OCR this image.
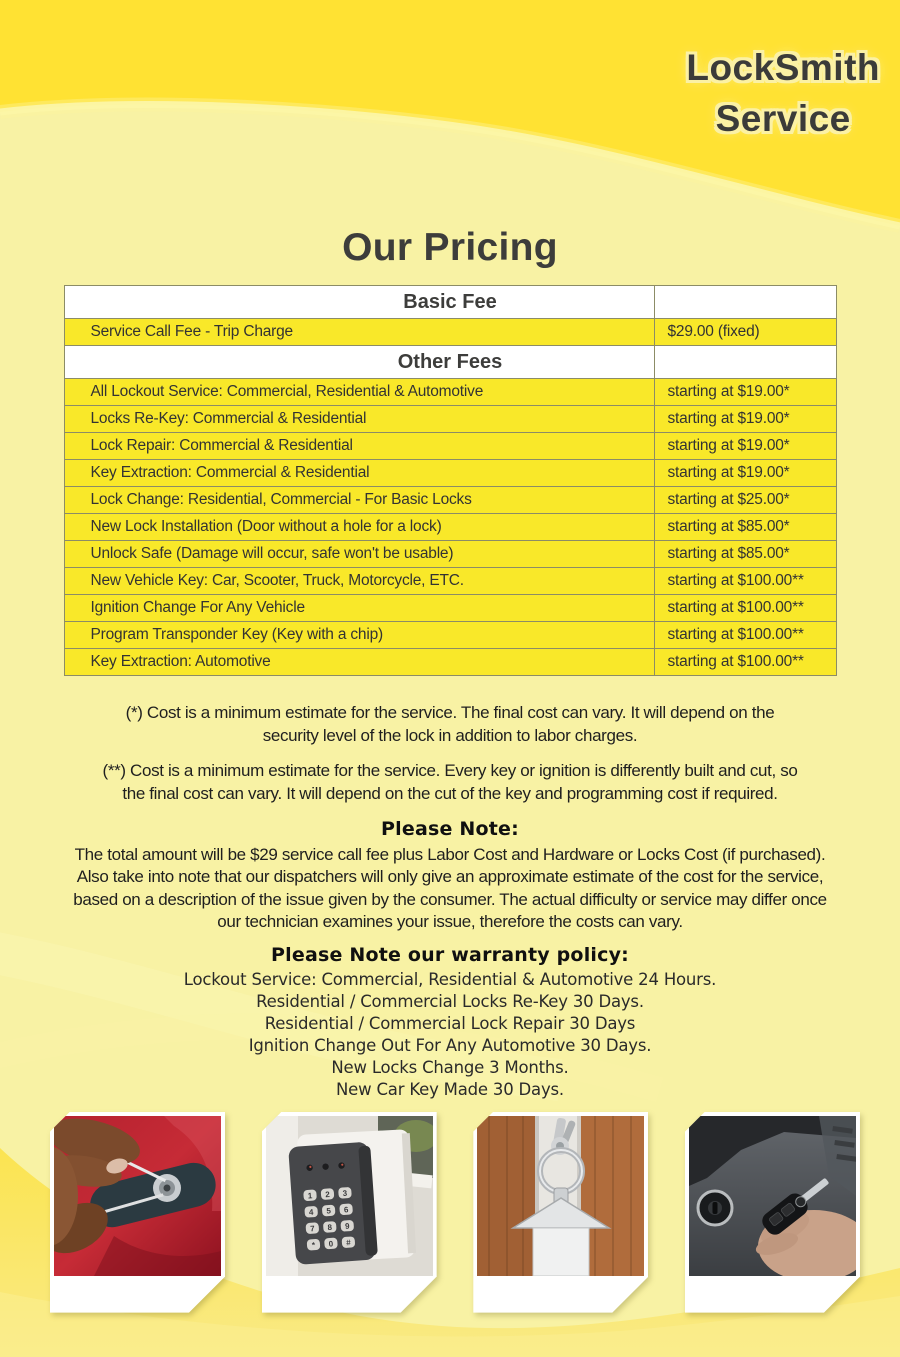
LockSmith
Service
Our Pricing
Basic Fee
Service Call Fee - Trip Charge	$29.00 (fixed)
Other Fees
All Lockout Service: Commercial, Residential & Automotive	starting at $19.00*
Locks Re-Key: Commercial & Residential	starting at $19.00*
Lock Repair: Commercial & Residential	starting at $19.00*
Key Extraction: Commercial & Residential	starting at $19.00*
Lock Change: Residential, Commercial - For Basic Locks	starting at $25.00*
New Lock Installation (Door without a hole for a lock)	starting at $85.00*
Unlock Safe (Damage will occur, safe won't be usable)	starting at $85.00*
New Vehicle Key: Car, Scooter, Truck, Motorcycle, ETC.	starting at $100.00**
Ignition Change For Any Vehicle	starting at $100.00**
Program Transponder Key (Key with a chip)	starting at $100.00**
Key Extraction: Automotive	starting at $100.00**

(*) Cost is a minimum estimate for the service. The final cost can vary. It will depend on the security level of the lock in addition to labor charges.

(**) Cost is a minimum estimate for the service. Every key or ignition is differently built and cut, so the final cost can vary. It will depend on the cut of the key and programming cost if required.

Please Note:

The total amount will be $29 service call fee plus Labor Cost and Hardware or Locks Cost (if purchased). Also take into note that our dispatchers will only give an approximate estimate of the cost for the service, based on a description of the issue given by the consumer. The actual difficulty or service may differ once our technician examines your issue, therefore the costs can vary.

Please Note our warranty policy:

Lockout Service: Commercial, Residential & Automotive 24 Hours.
Residential / Commercial Locks Re-Key 30 Days.
Residential / Commercial Lock Repair 30 Days
Ignition Change Out For Any Automotive 30 Days.
New Locks Change 3 Months.
New Car Key Made 30 Days.
1 2 3
4 5 6
7 8 9
* 0 #
